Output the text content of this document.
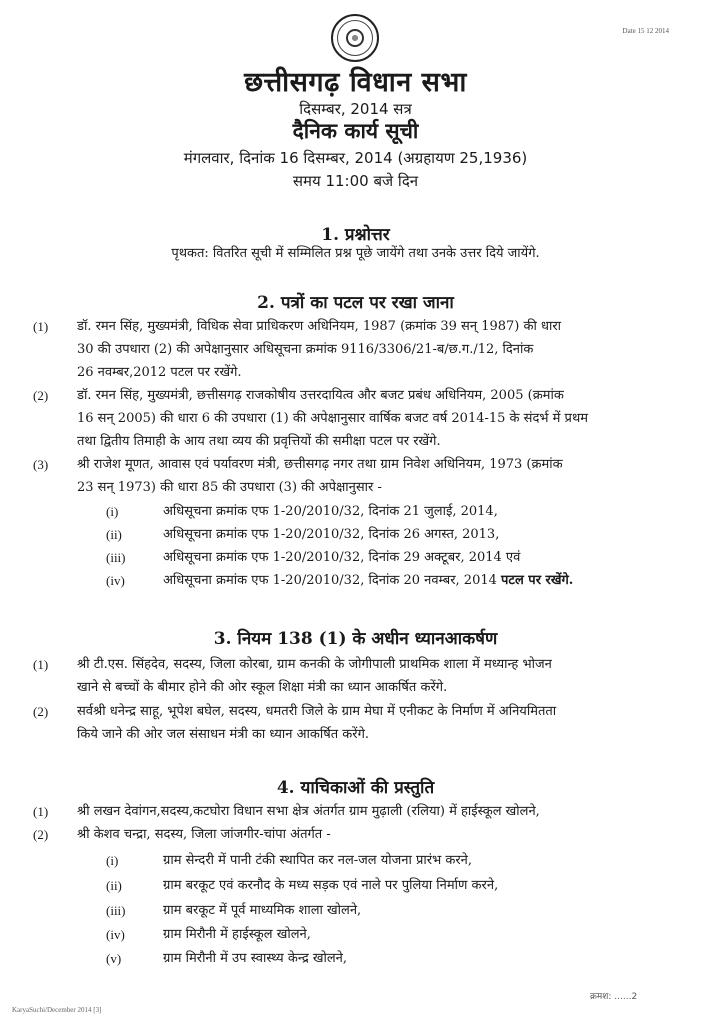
Date 15 12 2014
छत्तीसगढ़ विधान सभा
दिसम्बर, 2014 सत्र
दैनिक कार्य सूची
मंगलवार, दिनांक 16 दिसम्बर, 2014 (अग्रहायण 25,1936)
समय 11:00 बजे दिन
1. प्रश्नोत्तर
पृथकत: वितरित सूची में सम्मिलित प्रश्न पूछे जायेंगे तथा उनके उत्तर दिये जायेंगे.
2. पत्रों का पटल पर रखा जाना
(1) डॉ. रमन सिंह, मुख्यमंत्री, विधिक सेवा प्राधिकरण अधिनियम, 1987 (क्रमांक 39 सन् 1987) की धारा
30 की उपधारा (2) की अपेक्षानुसार अधिसूचना क्रमांक 9116/3306/21-ब/छ.ग./12, दिनांक
26 नवम्बर,2012 पटल पर रखेंगे.
(2) डॉ. रमन सिंह, मुख्यमंत्री, छत्तीसगढ़ राजकोषीय उत्तरदायित्व और बजट प्रबंध अधिनियम, 2005 (क्रमांक
16 सन् 2005) की धारा 6 की उपधारा (1) की अपेक्षानुसार वार्षिक बजट वर्ष 2014-15 के संदर्भ में प्रथम
तथा द्वितीय तिमाही के आय तथा व्यय की प्रवृत्तियों की समीक्षा पटल पर रखेंगे.
(3) श्री राजेश मूणत, आवास एवं पर्यावरण मंत्री, छत्तीसगढ़ नगर तथा ग्राम निवेश अधिनियम, 1973 (क्रमांक
23 सन् 1973) की धारा 85 की उपधारा (3) की अपेक्षानुसार -
(i)	अधिसूचना क्रमांक एफ 1-20/2010/32, दिनांक 21 जुलाई, 2014,
(ii)	अधिसूचना क्रमांक एफ 1-20/2010/32, दिनांक 26 अगस्त, 2013,
(iii)	अधिसूचना क्रमांक एफ 1-20/2010/32, दिनांक 29 अक्टूबर, 2014 एवं
(iv)	अधिसूचना क्रमांक एफ 1-20/2010/32, दिनांक 20 नवम्बर, 2014 पटल पर रखेंगे.
3. नियम 138 (1) के अधीन ध्यानआकर्षण
(1) श्री टी.एस. सिंहदेव, सदस्य, जिला कोरबा, ग्राम कनकी के जोगीपाली प्राथमिक शाला में मध्यान्ह भोजन
खाने से बच्चों के बीमार होने की ओर स्कूल शिक्षा मंत्री का ध्यान आकर्षित करेंगे.
(2) सर्वश्री धनेन्द्र साहू, भूपेश बघेल, सदस्य, धमतरी जिले के ग्राम मेघा में एनीकट के निर्माण में अनियमितता
किये जाने की ओर जल संसाधन मंत्री का ध्यान आकर्षित करेंगे.
4. याचिकाओं की प्रस्तुति
(1) श्री लखन देवांगन,सदस्य,कटघोरा विधान सभा क्षेत्र अंतर्गत ग्राम मुढ़ाली (रलिया) में हाईस्कूल खोलने,
(2) श्री केशव चन्द्रा, सदस्य, जिला जांजगीर-चांपा अंतर्गत -
(i)	ग्राम सेन्दरी में पानी टंकी स्थापित कर नल-जल योजना प्रारंभ करने,
(ii)	ग्राम बरकूट एवं करनौद के मध्य सड़क एवं नाले पर पुलिया निर्माण करने,
(iii)	ग्राम बरकूट में पूर्व माध्यमिक शाला खोलने,
(iv)	ग्राम मिरौनी में हाईस्कूल खोलने,
(v)	ग्राम मिरौनी में उप स्वास्थ्य केन्द्र खोलने,
क्रमश: ......2
KaryaSuchi/December 2014 [3]
